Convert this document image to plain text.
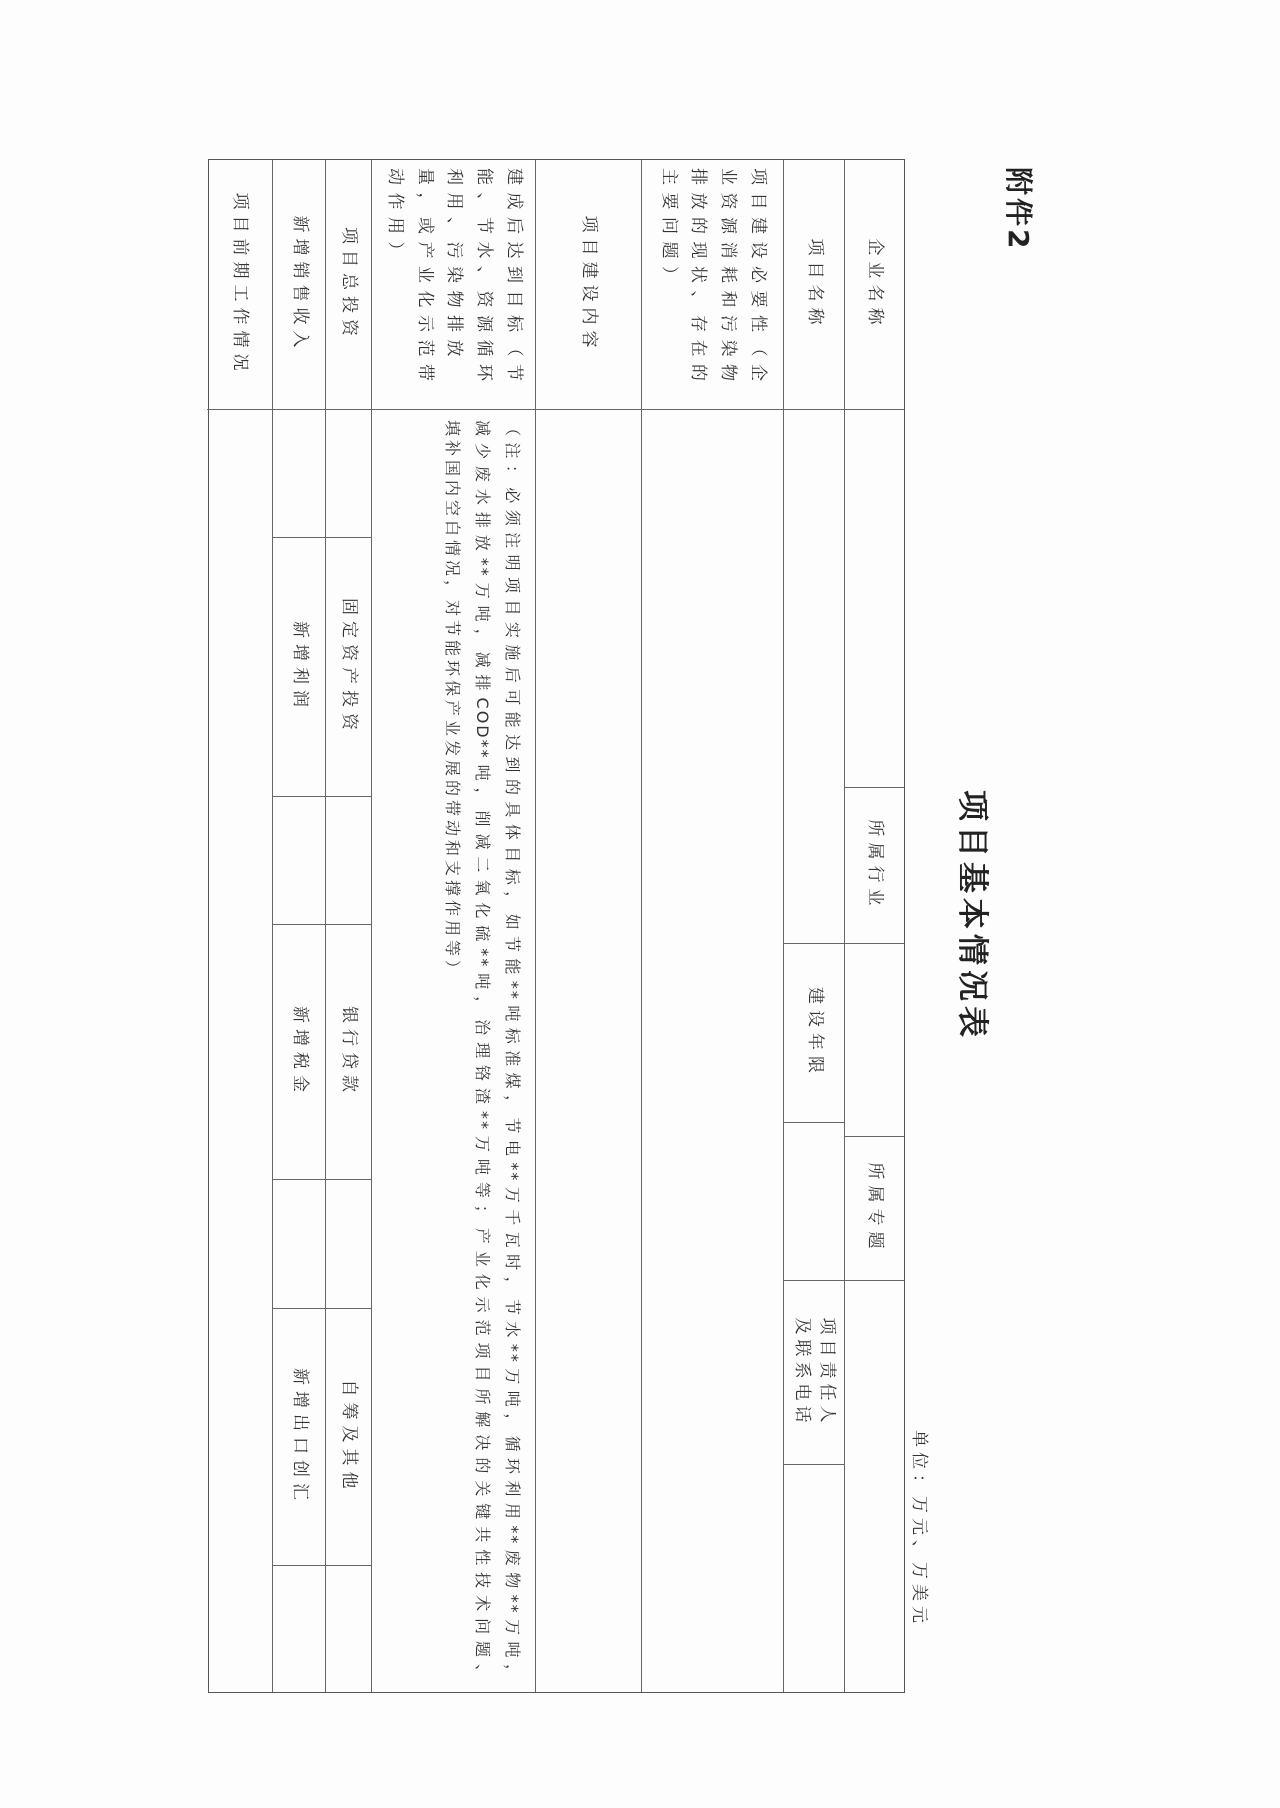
附件2
项目基本情况表
单位：万元、万美元
企业名称
所属行业
所属专题
项目名称
建设年限
项目责任人
及联系电话
项目建设必要性（企业资源消耗和污染物排放的现状、存在的主要问题）
项目建设内容
建成后达到目标（节能、节水、资源循环利用、污染物排放量，或产业化示范带动作用）
（注：必须注明项目实施后可能达到的具体目标，如节能**吨标准煤，节电**万千瓦时，节水**万吨，循环利用**废物**万吨，
减少废水排放**万吨，减排COD**吨，削减二氧化硫**吨，治理铬渣**万吨等；产业化示范项目所解决的关键共性技术问题、
填补国内空白情况，对节能环保产业发展的带动和支撑作用等）
项目总投资
固定资产投资
银行贷款
自筹及其他
新增销售收入
新增利润
新增税金
新增出口创汇
项目前期工作情况
